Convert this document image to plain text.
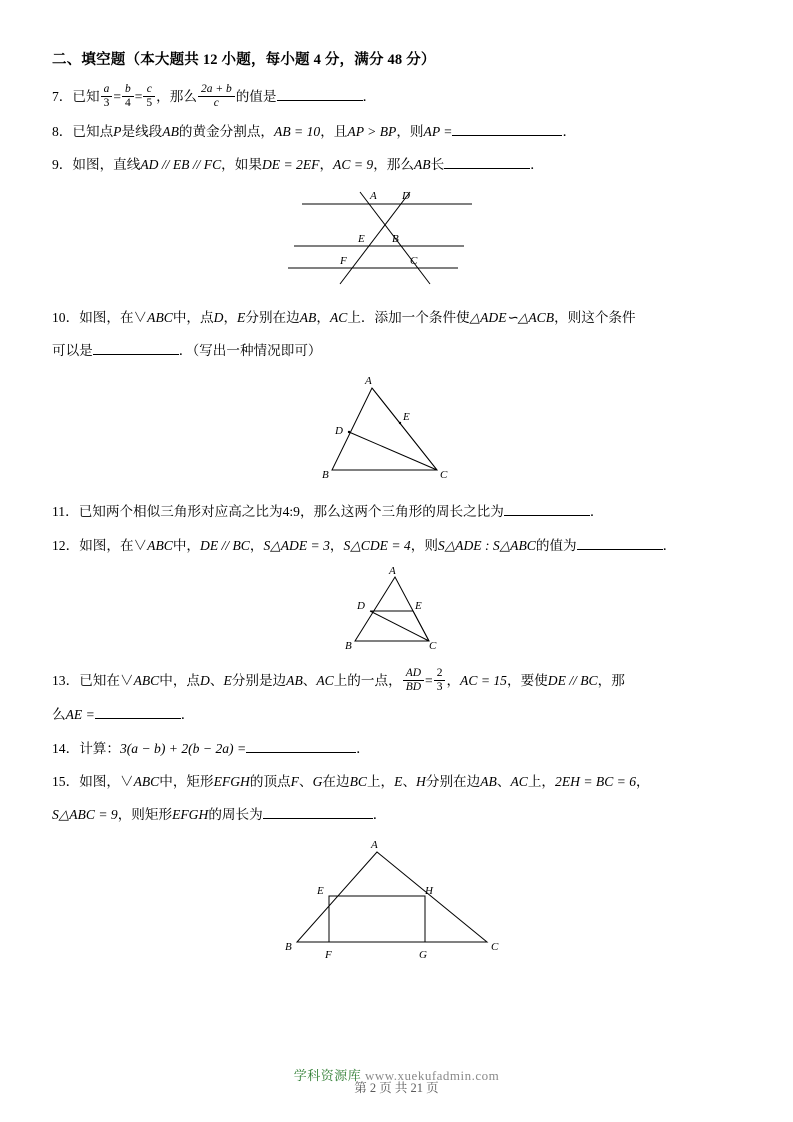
二、填空题（本大题共 12 小题，每小题 4 分，满分 48 分）
7．已知 $\frac{a}{3} = \frac{b}{4} = \frac{c}{5}$ ，那么 $\frac{2a + b}{c}$ 的值是	．
8．已知点P是线段AB的黄金分割点，AB = 10，且AP > BP，则AP =	．
9．如图，直线AD // EB // FC，如果DE = 2EF，AC = 9，那么AB长	．
A D
E B
F	C
10．如图，在∨ABC中，点D，E分别在边AB，AC上．添加一个条件使△ADE∽△ACB，则这个条件
可以是	．（写出一种情况即可）
A
E
D
B	C
11．已知两个相似三角形对应高之比为4:9，那么这两个三角形的周长之比为	．
12．如图，在∨ABC中，DE // BC，S△ADE = 3，S△CDE = 4，则S△ADE : S△ABC的值为	．
A
D	E
B	C
13．已知在∨ABC中，点D、E分别是边AB、AC上的一点， $\frac{AD}{BD} = \frac{2}{3}$ ，AC = 15，要使DE // BC，那
么AE =	．
14．计算：3(a − b) + 2(b − 2a) =	．
15．如图，∨ABC中，矩形EFGH的顶点F、G在边BC上，E、H分别在边AB、AC上，2EH = BC = 6，
S△ABC = 9，则矩形EFGH的周长为	．
A
E	H
B
F	G
C
学科资源库 www.xuekufadmin.com
第 2 页 共 21 页
